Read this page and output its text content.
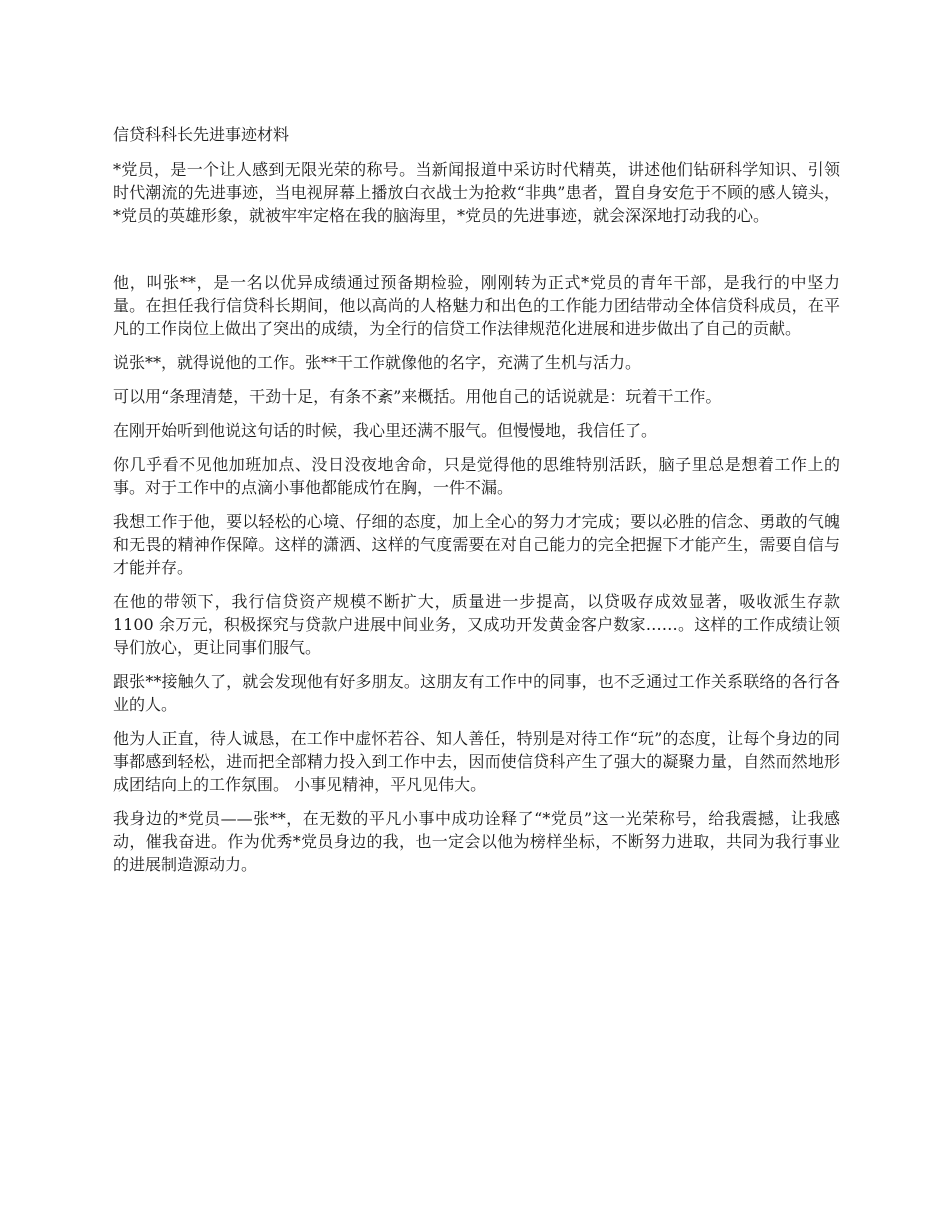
信贷科科长先进事迹材料

*党员，是一个让人感到无限光荣的称号。当新闻报道中采访时代精英，讲述他们钻研科学知识、引领时代潮流的先进事迹，当电视屏幕上播放白衣战士为抢救“非典”患者，置自身安危于不顾的感人镜头，*党员的英雄形象，就被牢牢定格在我的脑海里，*党员的先进事迹，就会深深地打动我的心。

他，叫张**，是一名以优异成绩通过预备期检验，刚刚转为正式*党员的青年干部，是我行的中坚力量。在担任我行信贷科长期间，他以高尚的人格魅力和出色的工作能力团结带动全体信贷科成员，在平凡的工作岗位上做出了突出的成绩，为全行的信贷工作法律规范化进展和进步做出了自己的贡献。

说张**，就得说他的工作。张**干工作就像他的名字，充满了生机与活力。

可以用“条理清楚，干劲十足，有条不紊”来概括。用他自己的话说就是：玩着干工作。

在刚开始听到他说这句话的时候，我心里还满不服气。但慢慢地，我信任了。

你几乎看不见他加班加点、没日没夜地舍命，只是觉得他的思维特别活跃，脑子里总是想着工作上的事。对于工作中的点滴小事他都能成竹在胸，一件不漏。

我想工作于他，要以轻松的心境、仔细的态度，加上全心的努力才完成；要以必胜的信念、勇敢的气魄和无畏的精神作保障。这样的潇洒、这样的气度需要在对自己能力的完全把握下才能产生，需要自信与才能并存。

在他的带领下，我行信贷资产规模不断扩大，质量进一步提高，以贷吸存成效显著，吸收派生存款 1100 余万元，积极探究与贷款户进展中间业务，又成功开发黄金客户数家……。这样的工作成绩让领导们放心，更让同事们服气。

跟张**接触久了，就会发现他有好多朋友。这朋友有工作中的同事，也不乏通过工作关系联络的各行各业的人。

他为人正直，待人诚恳，在工作中虚怀若谷、知人善任，特别是对待工作“玩”的态度，让每个身边的同事都感到轻松，进而把全部精力投入到工作中去，因而使信贷科产生了强大的凝聚力量，自然而然地形成团结向上的工作氛围。 小事见精神，平凡见伟大。

我身边的*党员——张**，在无数的平凡小事中成功诠释了“*党员”这一光荣称号，给我震撼，让我感动，催我奋进。作为优秀*党员身边的我，也一定会以他为榜样坐标，不断努力进取，共同为我行事业的进展制造源动力。
